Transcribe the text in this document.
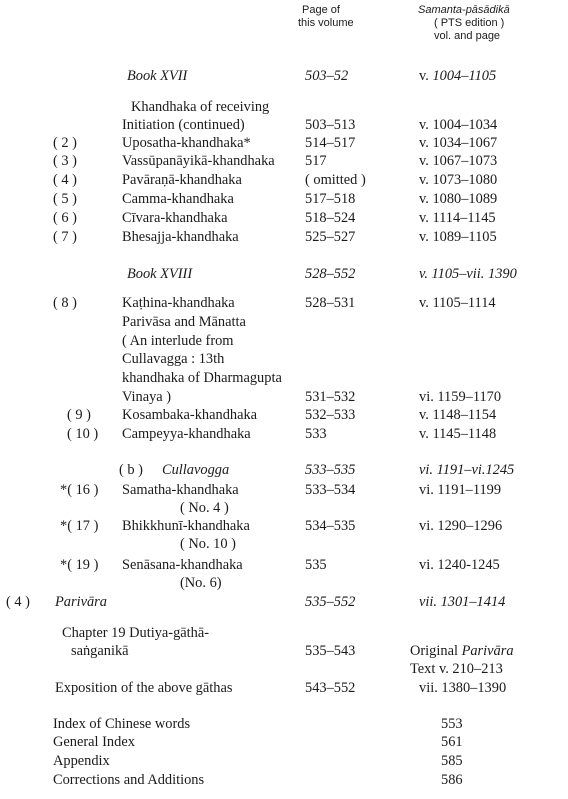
Page of
this volume
Samanta-pāsādikā
( PTS edition )
vol. and page
Book XVII	503–52	v. 1004–1105
Khandhaka of receiving
Initiation (continued)	503–513	v. 1004–1034
( 2 )	Uposatha-khandhaka*	514–517	v. 1034–1067
( 3 )	Vassūpanāyikā-khandhaka 517	v. 1067–1073
( 4 )	Pavāraṇā-khandhaka	( omitted )	v. 1073–1080
( 5 )	Camma-khandhaka	517–518	v. 1080–1089
( 6 )	Cīvara-khandhaka	518–524	v. 1114–1145
( 7 )	Bhesajja-khandhaka	525–527	v. 1089–1105
Book XVIII	528–552	v. 1105–vii. 1390
( 8 )	Kaṭhina-khandhaka	528–531	v. 1105–1114
Parivāsa and Mānatta
( An interlude from
Cullavagga : 13th
khandhaka of Dharmagupta
Vinaya )	531–532	vi. 1159–1170
( 9 ) Kosambaka-khandhaka	532–533	v. 1148–1154
( 10 ) Campeyya-khandhaka	533	v. 1145–1148
( b ) Cullavogga	533–535	vi. 1191–vi.1245
*( 16 ) Samatha-khandhaka	533–534	vi. 1191–1199
( No. 4 )
*( 17 ) Bhikkhunī-khandhaka	534–535	vi. 1290–1296
( No. 10 )
*( 19 ) Senāsana-khandhaka	535	vi. 1240-1245
(No. 6)
( 4 ) Parivāra	535–552	vii. 1301–1414
Chapter 19 Dutiya-gāthā-
saṅganikā	535–543	Original Parivāra
Text v. 210–213
Exposition of the above gāthas	543–552	vii. 1380–1390
Index of Chinese words	553
General Index	561
Appendix	585
Corrections and Additions	586
